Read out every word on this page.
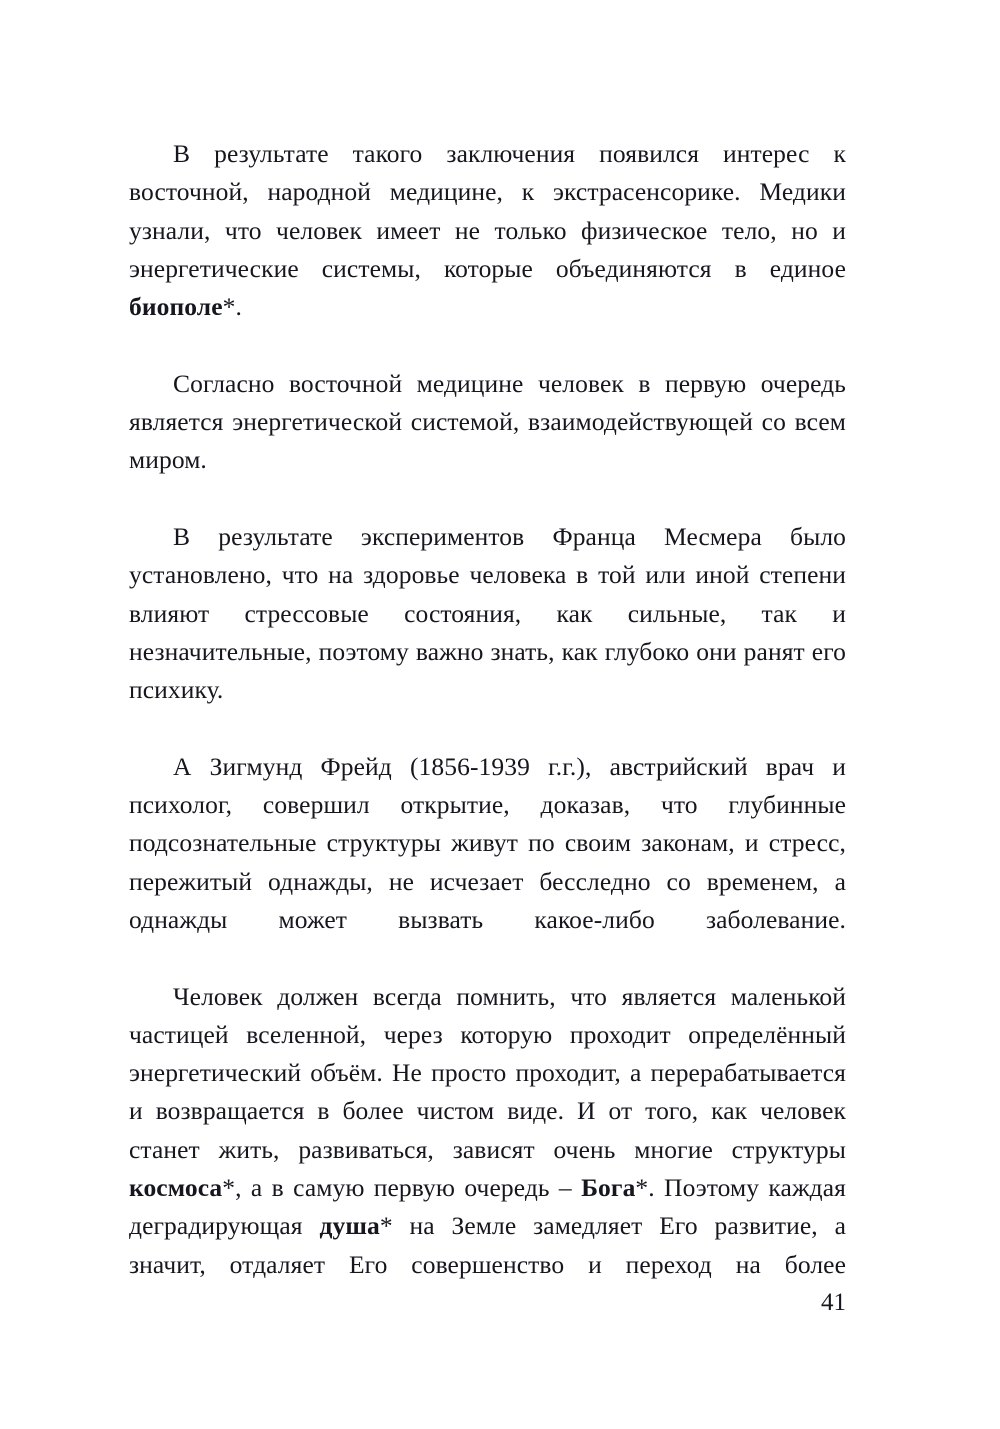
В результате такого заключения появился интерес к восточной, народной медицине, к экстрасенсорике. Медики узнали, что человек имеет не только физическое тело, но и энергетические системы, которые объединяются в единое биополе*.

Согласно восточной медицине человек в первую очередь является энергетической системой, взаимодействующей со всем миром.

В результате экспериментов Франца Месмера было установлено, что на здоровье человека в той или иной степени влияют стрессовые состояния, как сильные, так и незначительные, поэтому важно знать, как глубоко они ранят его психику.

А Зигмунд Фрейд (1856-1939 г.г.), австрийский врач и психолог, совершил открытие, доказав, что глубинные подсознательные структуры живут по своим законам, и стресс, пережитый однажды, не исчезает бесследно со временем, а однажды может вызвать какое-либо заболевание.

Человек должен всегда помнить, что является маленькой частицей вселенной, через которую проходит определённый энергетический объём. Не просто проходит, а перерабатывается и возвращается в более чистом виде. И от того, как человек станет жить, развиваться, зависят очень многие структуры космоса*, а в самую первую очередь – Бога*. Поэтому каждая деградирующая душа* на Земле замедляет Его развитие, а значит, отдаляет Его совершенство и переход на более

41
